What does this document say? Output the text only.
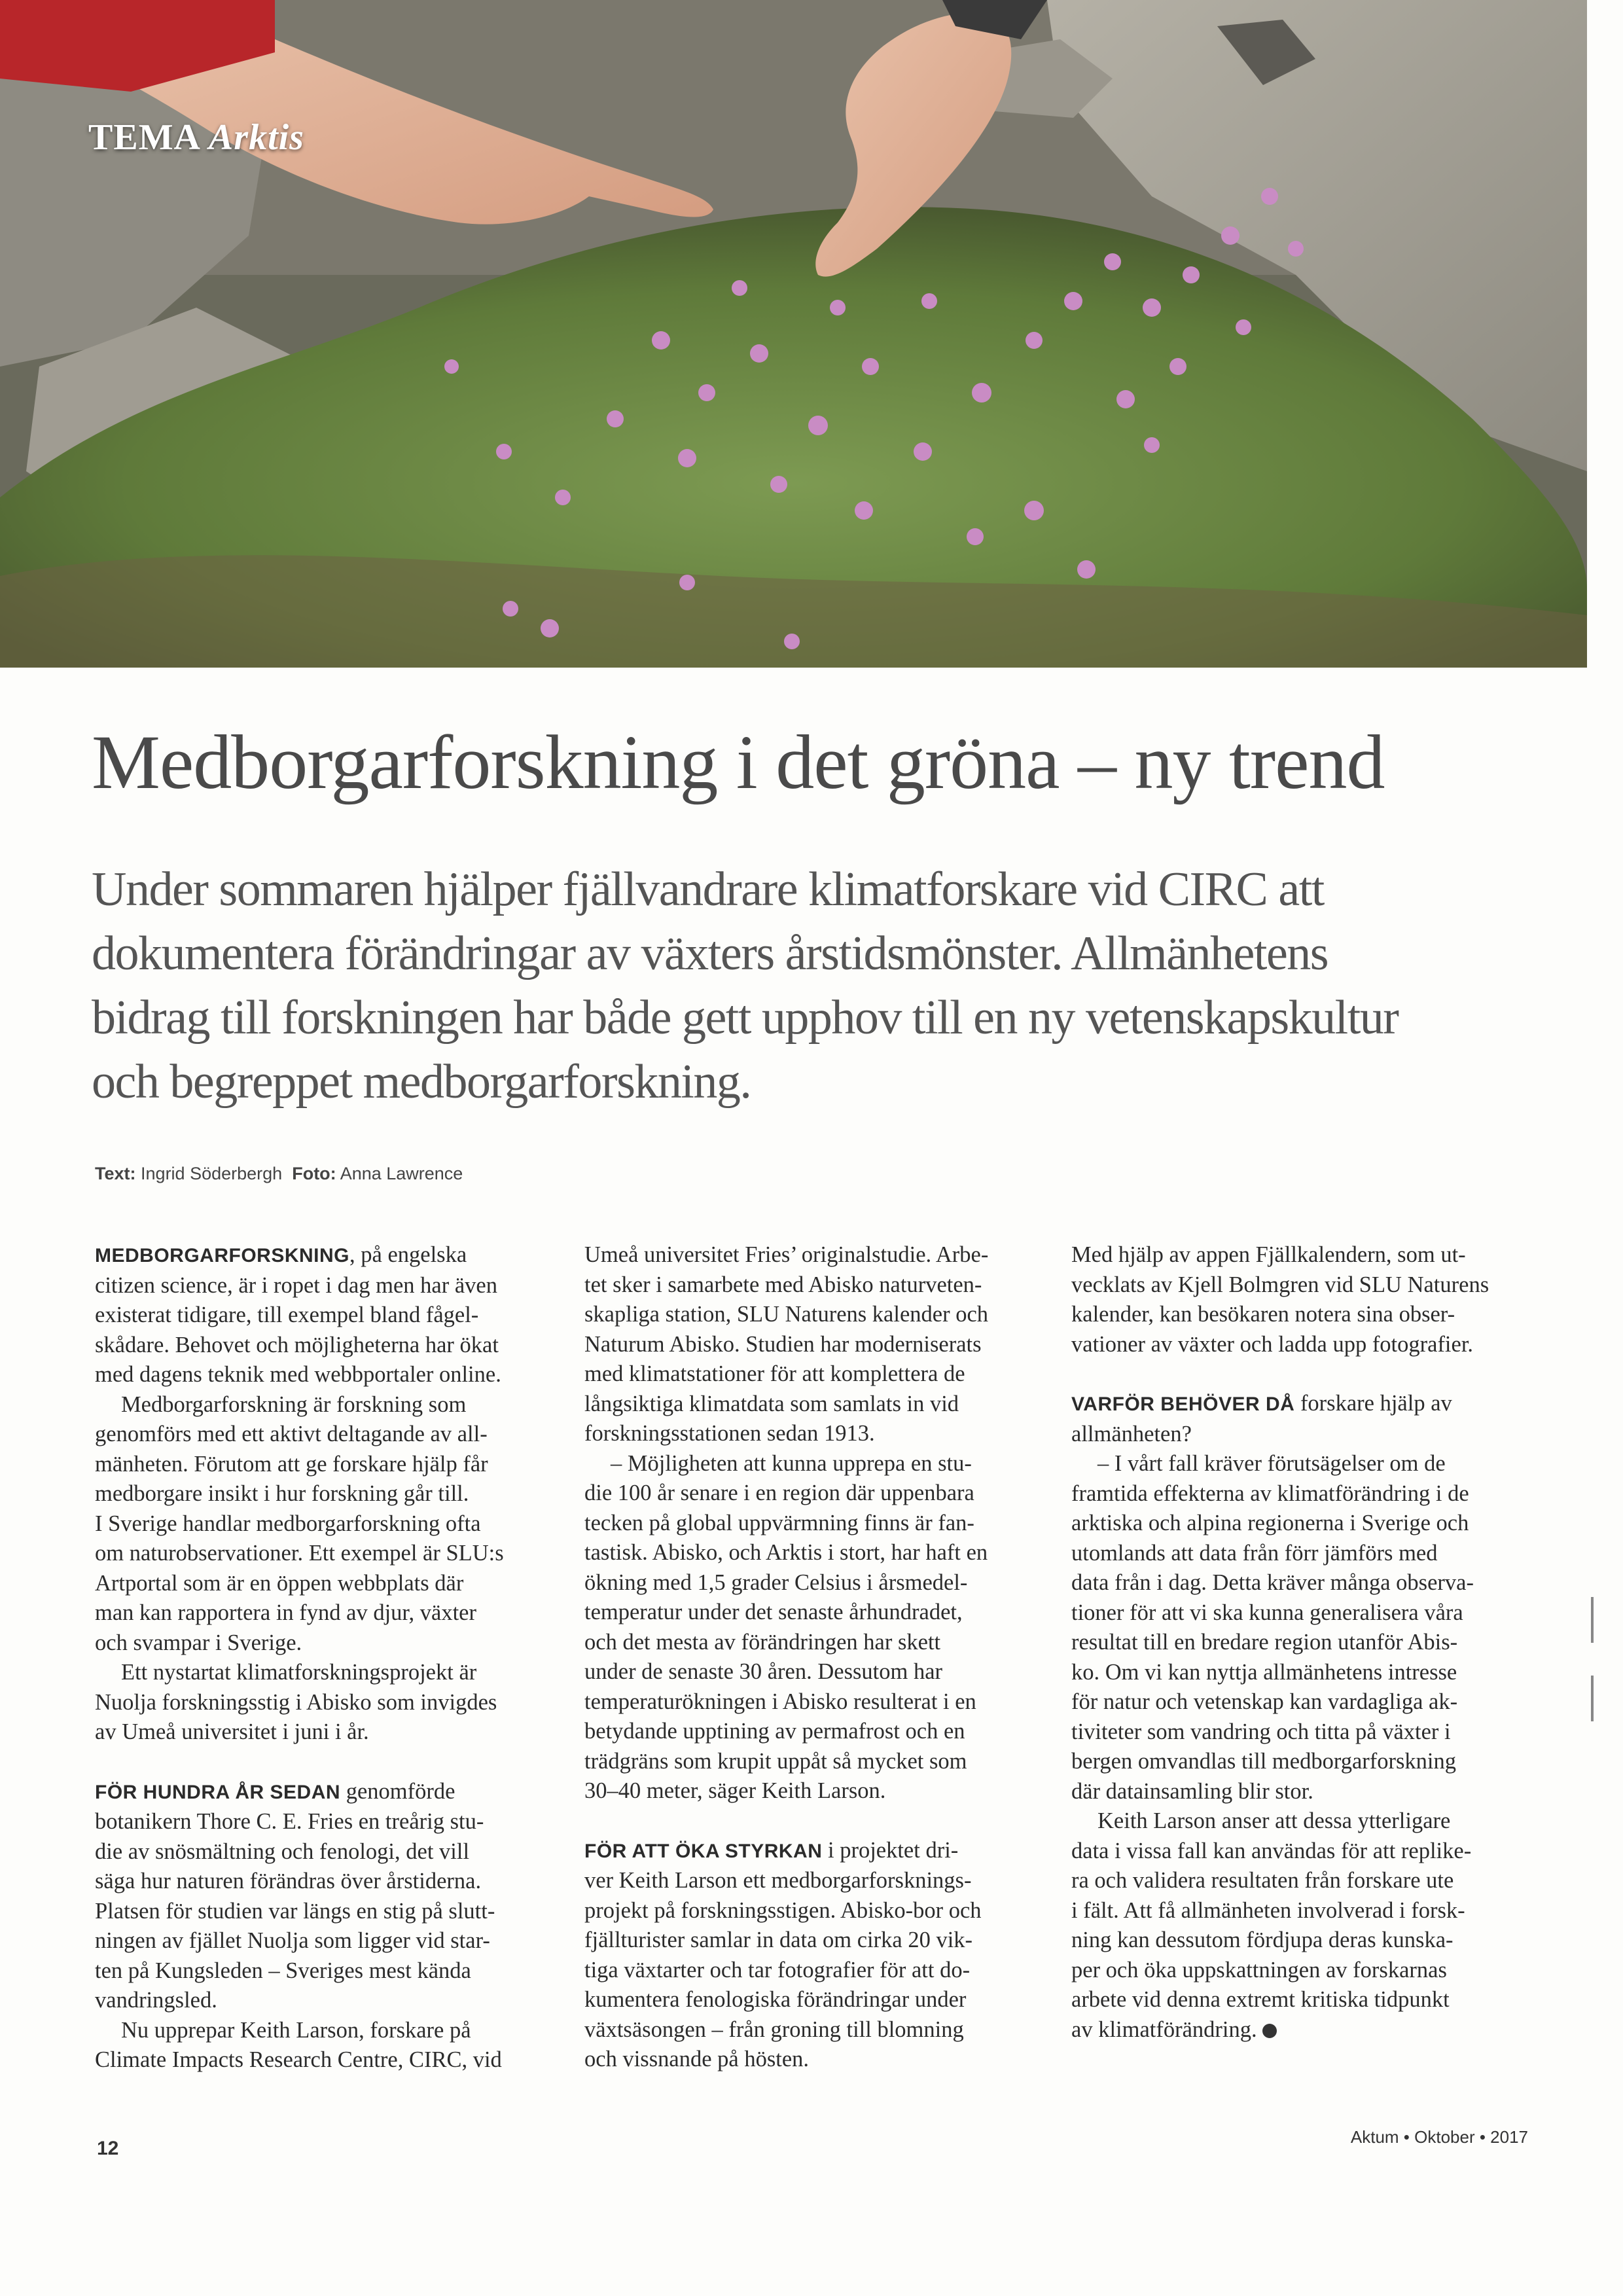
TEMA Arktis
Medborgarforskning i det gröna – ny trend
Under sommaren hjälper fjällvandrare klimatforskare vid CIRC att
dokumentera förändringar av växters årstidsmönster. Allmänhetens
bidrag till forskningen har både gett upphov till en ny vetenskapskultur
och begreppet medborgarforskning.
Text: Ingrid Söderbergh Foto: Anna Lawrence

MEDBORGARFORSKNING, på engelska
citizen science, är i ropet i dag men har även
existerat tidigare, till exempel bland fågel-
skådare. Behovet och möjligheterna har ökat
med dagens teknik med webbportaler online.

Medborgarforskning är forskning som
genomförs med ett aktivt deltagande av all-
mänheten. Förutom att ge forskare hjälp får
medborgare insikt i hur forskning går till.
I Sverige handlar medborgarforskning ofta
om naturobservationer. Ett exempel är SLU:s
Artportal som är en öppen webbplats där
man kan rapportera in fynd av djur, växter
och svampar i Sverige.

Ett nystartat klimatforskningsprojekt är
Nuolja forskningsstig i Abisko som invigdes
av Umeå universitet i juni i år.

FÖR HUNDRA ÅR SEDAN genomförde
botanikern Thore C. E. Fries en treårig stu-
die av snösmältning och fenologi, det vill
säga hur naturen förändras över årstiderna.
Platsen för studien var längs en stig på slutt-
ningen av fjället Nuolja som ligger vid star-
ten på Kungsleden – Sveriges mest kända
vandringsled.

Nu upprepar Keith Larson, forskare på
Climate Impacts Research Centre, CIRC, vid

Umeå universitet Fries’ originalstudie. Arbe-
tet sker i samarbete med Abisko naturveten-
skapliga station, SLU Naturens kalender och
Naturum Abisko. Studien har moderniserats
med klimatstationer för att komplettera de
långsiktiga klimatdata som samlats in vid
forskningsstationen sedan 1913.

– Möjligheten att kunna upprepa en stu-
die 100 år senare i en region där uppenbara
tecken på global uppvärmning finns är fan-
tastisk. Abisko, och Arktis i stort, har haft en
ökning med 1,5 grader Celsius i årsmedel-
temperatur under det senaste århundradet,
och det mesta av förändringen har skett
under de senaste 30 åren. Dessutom har
temperaturökningen i Abisko resulterat i en
betydande upptining av permafrost och en
trädgräns som krupit uppåt så mycket som
30–40 meter, säger Keith Larson.

FÖR ATT ÖKA STYRKAN i projektet dri-
ver Keith Larson ett medborgarforsknings-
projekt på forskningsstigen. Abisko-bor och
fjällturister samlar in data om cirka 20 vik-
tiga växtarter och tar fotografier för att do-
kumentera fenologiska förändringar under
växtsäsongen – från groning till blomning
och vissnande på hösten.

Med hjälp av appen Fjällkalendern, som ut-
vecklats av Kjell Bolmgren vid SLU Naturens
kalender, kan besökaren notera sina obser-
vationer av växter och ladda upp fotografier.

VARFÖR BEHÖVER DÅ forskare hjälp av
allmänheten?

– I vårt fall kräver förutsägelser om de
framtida effekterna av klimatförändring i de
arktiska och alpina regionerna i Sverige och
utomlands att data från förr jämförs med
data från i dag. Detta kräver många observa-
tioner för att vi ska kunna generalisera våra
resultat till en bredare region utanför Abis-
ko. Om vi kan nyttja allmänhetens intresse
för natur och vetenskap kan vardagliga ak-
tiviteter som vandring och titta på växter i
bergen omvandlas till medborgarforskning
där datainsamling blir stor.

Keith Larson anser att dessa ytterligare
data i vissa fall kan användas för att replike-
ra och validera resultaten från forskare ute
i fält. Att få allmänheten involverad i forsk-
ning kan dessutom fördjupa deras kunska-
per och öka uppskattningen av forskarnas
arbete vid denna extremt kritiska tidpunkt
av klimatförändring.

12
Aktum • Oktober • 2017
